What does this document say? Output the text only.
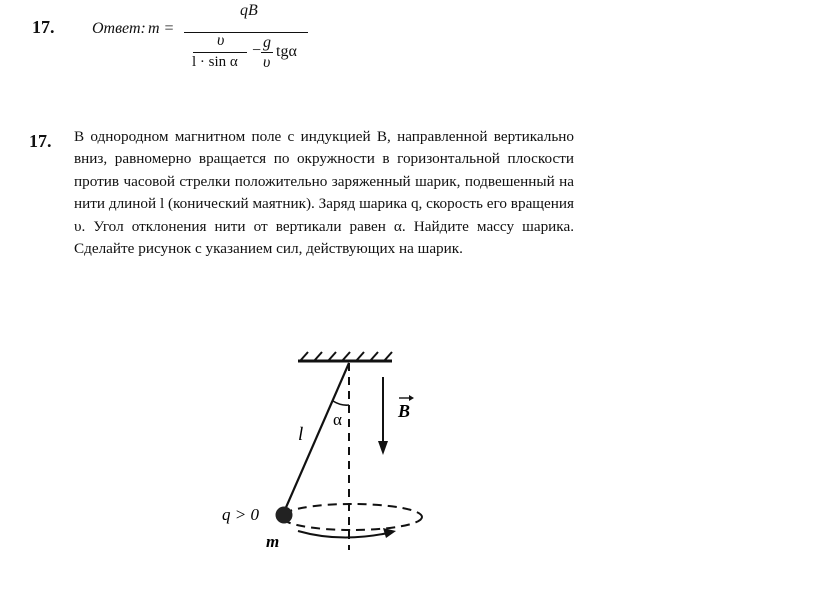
17. Ответ: m =
qB
υ
l · sin α
− g
υ
tgα
17. В однородном магнитном поле с индукцией B, направленной вертикально вниз, равномерно вращается по окружности в горизонтальной плоскости против часовой стрелки положительно заряженный шарик, подвешенный на нити длиной l (конический маятник). Заряд шарика q, скорость его вращения υ. Угол отклонения нити от вертикали равен α. Найдите массу шарика. Сделайте рисунок с указанием сил, действующих на шарик.

B
α
l
q > 0
m
